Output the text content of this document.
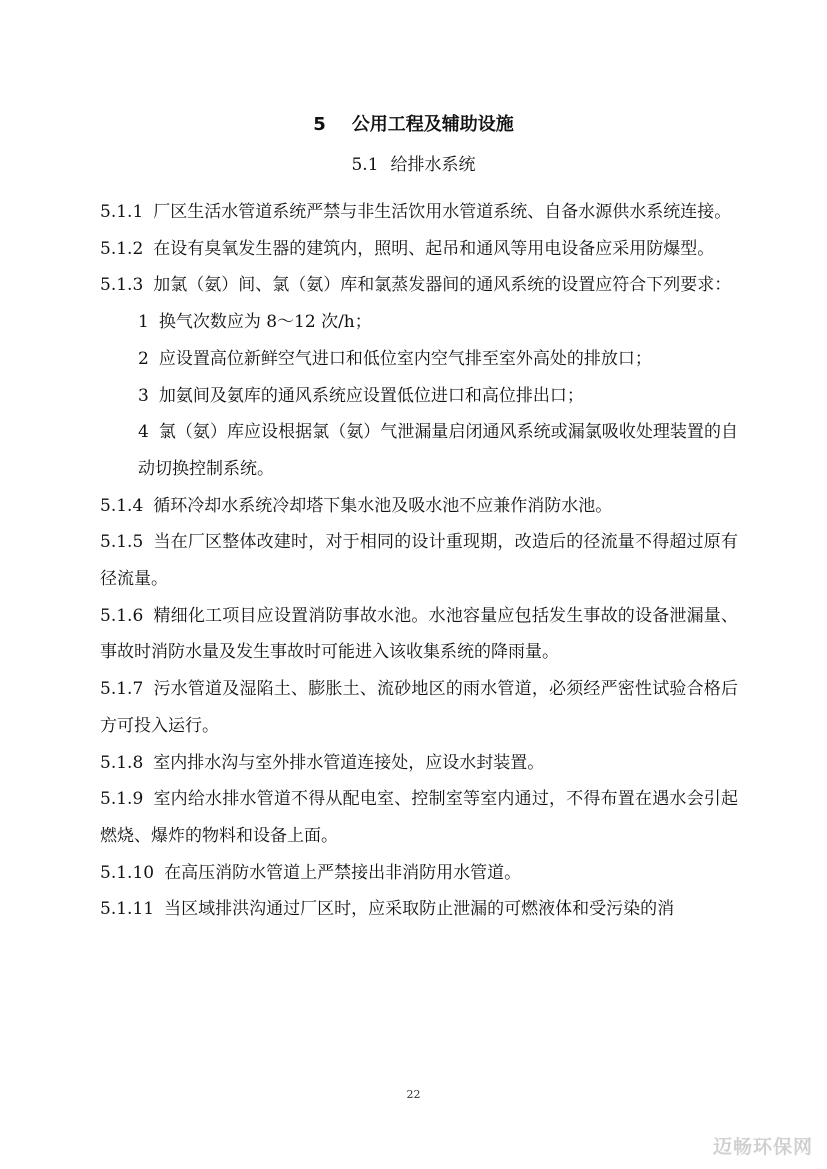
5 公用工程及辅助设施
5.1 给排水系统

5.1.1 厂区生活水管道系统严禁与非生活饮用水管道系统、自备水源供水系统连接。

5.1.2 在设有臭氧发生器的建筑内，照明、起吊和通风等用电设备应采用防爆型。

5.1.3 加氯（氨）间、氯（氨）库和氯蒸发器间的通风系统的设置应符合下列要求：

1 换气次数应为 8～12 次/h；

2 应设置高位新鲜空气进口和低位室内空气排至室外高处的排放口；

3 加氨间及氨库的通风系统应设置低位进口和高位排出口；

4 氯（氨）库应设根据氯（氨）气泄漏量启闭通风系统或漏氯吸收处理装置的自动切换控制系统。

5.1.4 循环冷却水系统冷却塔下集水池及吸水池不应兼作消防水池。

5.1.5 当在厂区整体改建时，对于相同的设计重现期，改造后的径流量不得超过原有径流量。

5.1.6 精细化工项目应设置消防事故水池。水池容量应包括发生事故的设备泄漏量、事故时消防水量及发生事故时可能进入该收集系统的降雨量。

5.1.7 污水管道及湿陷土、膨胀土、流砂地区的雨水管道，必须经严密性试验合格后方可投入运行。

5.1.8 室内排水沟与室外排水管道连接处，应设水封装置。

5.1.9 室内给水排水管道不得从配电室、控制室等室内通过，不得布置在遇水会引起燃烧、爆炸的物料和设备上面。

5.1.10 在高压消防水管道上严禁接出非消防用水管道。

5.1.11 当区域排洪沟通过厂区时，应采取防止泄漏的可燃液体和受污染的消

22
迈畅环保网
